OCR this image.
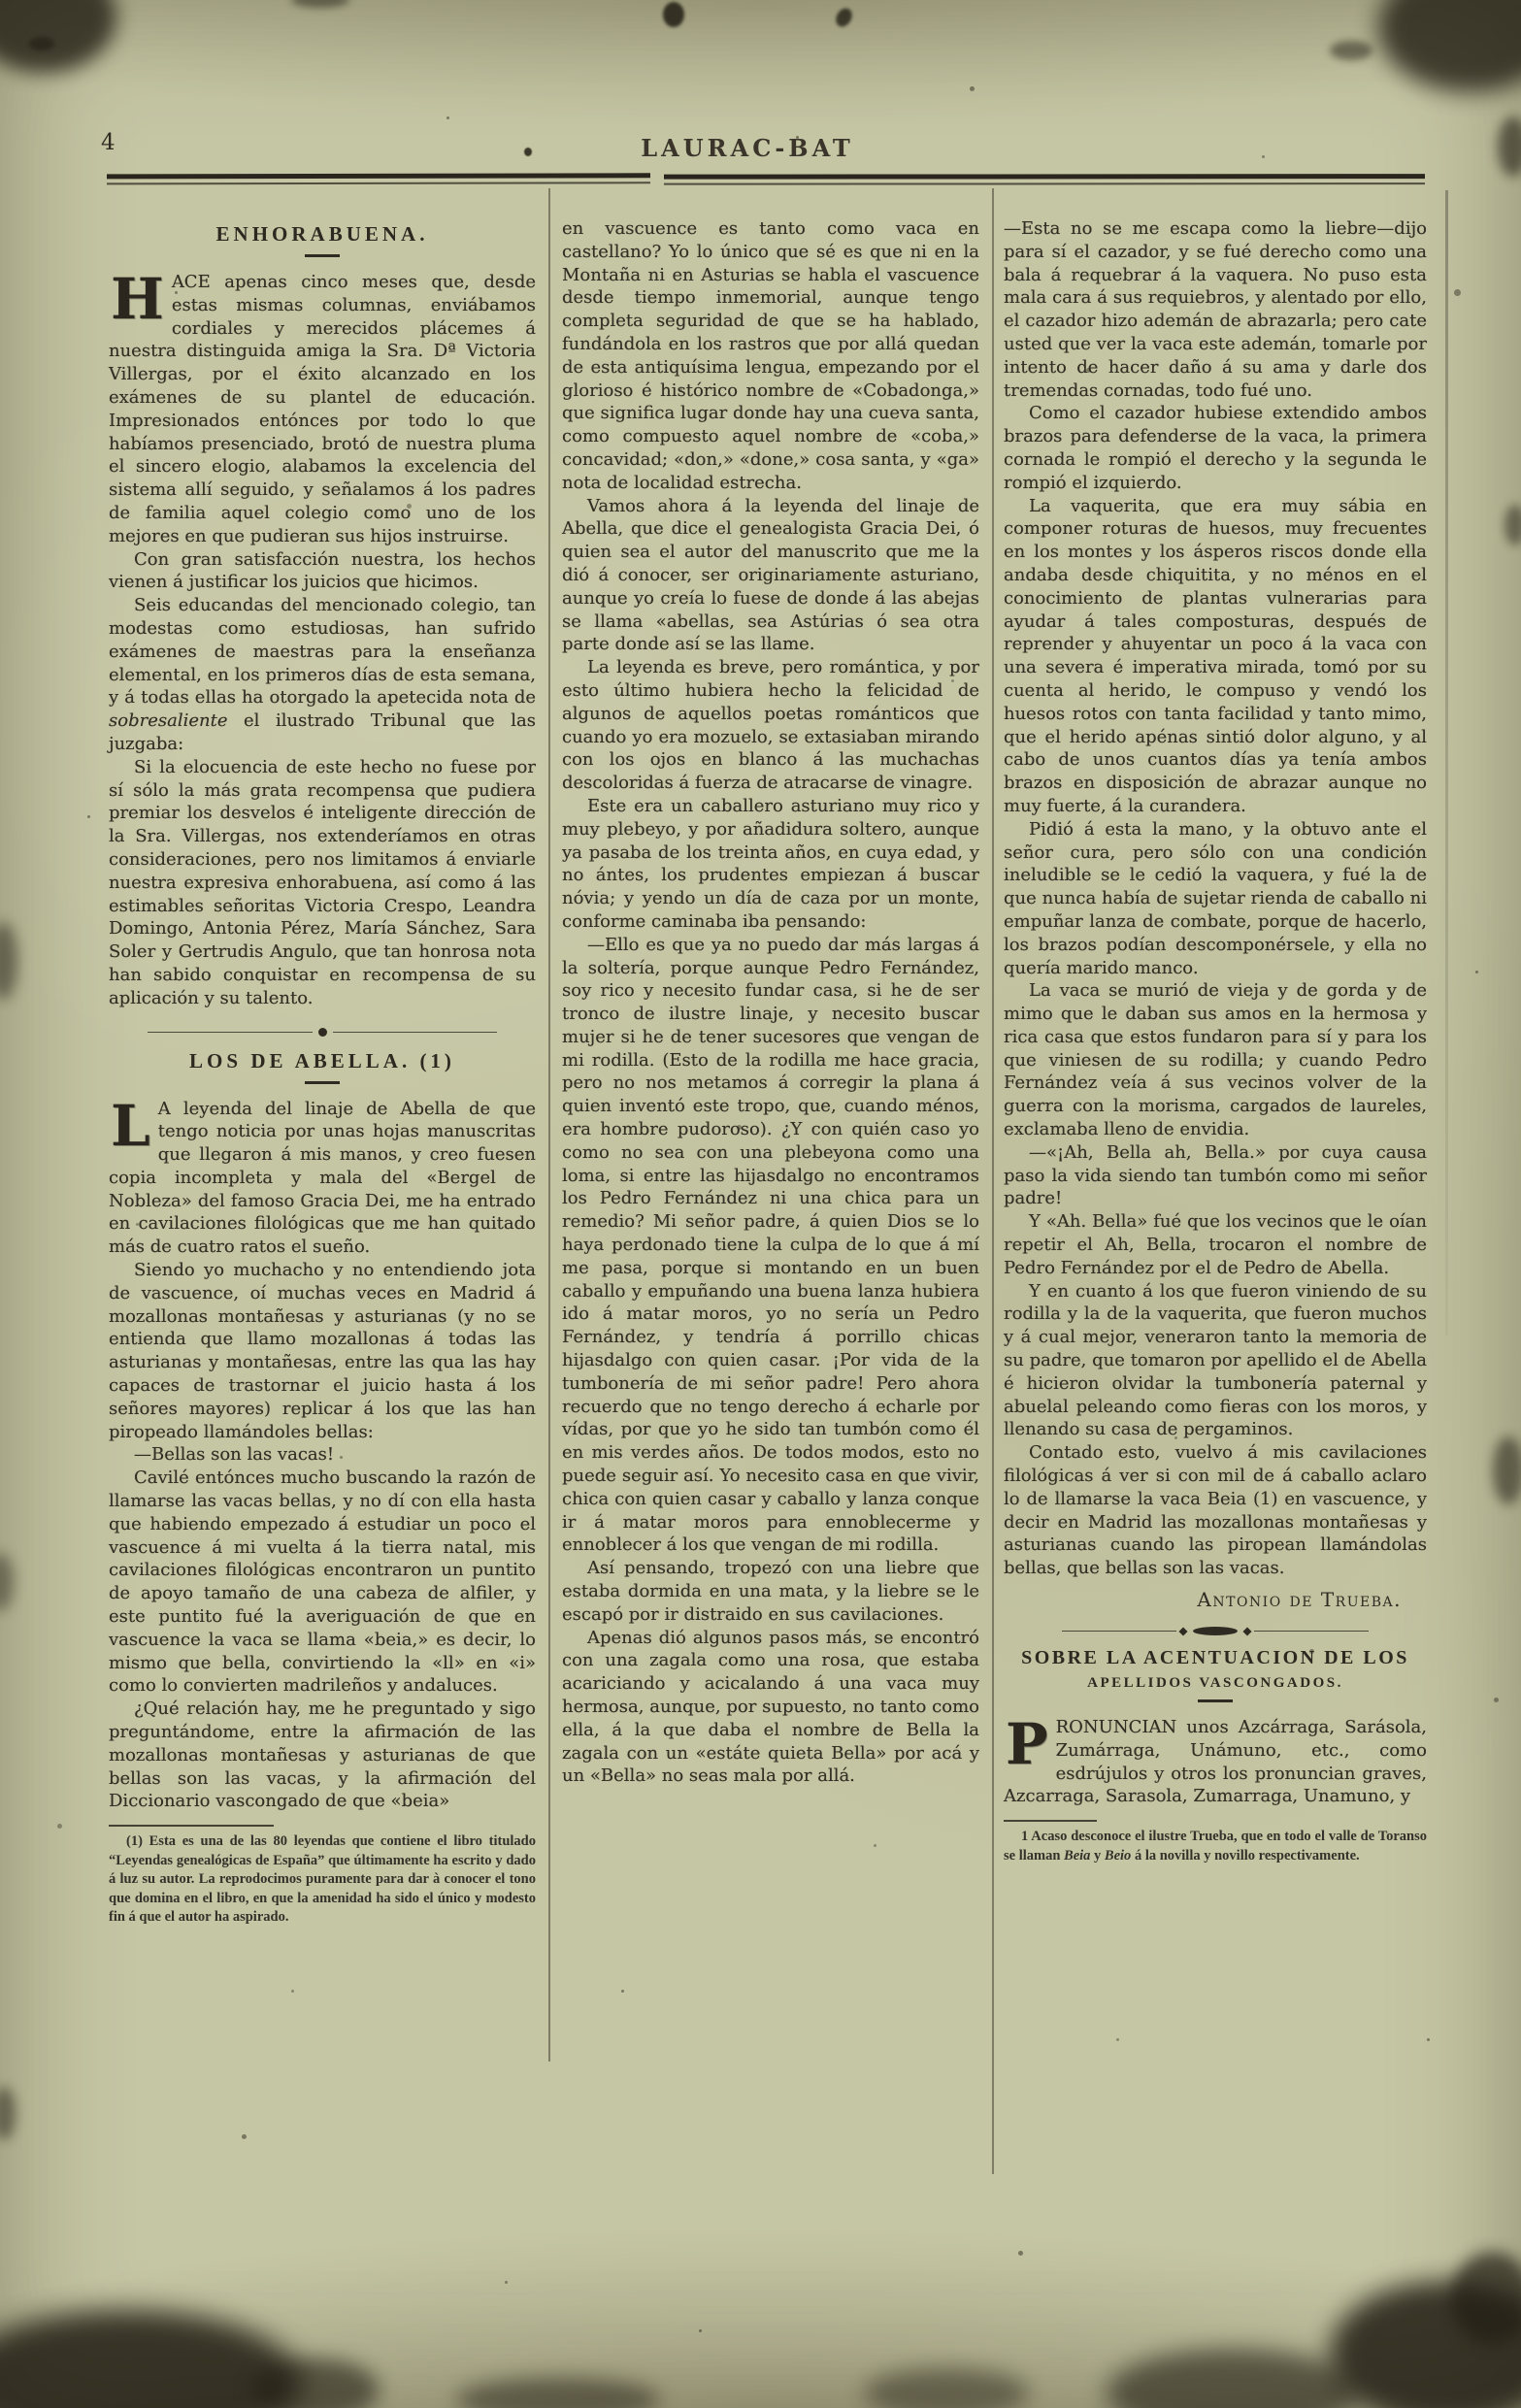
4	LAURAC-BAT
ENHORABUENA.

HACE apenas cinco meses que, desde estas mismas columnas, enviábamos cordiales y merecidos plácemes á nuestra distinguida amiga la Sra. Dª Victoria Villergas, por el éxito alcanzado en los exámenes de su plantel de educación. Impresionados entónces por todo lo que habíamos presenciado, brotó de nuestra pluma el sincero elogio, alabamos la excelencia del sistema allí seguido, y señalamos á los padres de familia aquel colegio como uno de los mejores en que pudieran sus hijos instruirse.

Con gran satisfacción nuestra, los hechos vienen á justificar los juicios que hicimos.

Seis educandas del mencionado colegio, tan modestas como estudiosas, han sufrido exámenes de maestras para la enseñanza elemental, en los primeros días de esta semana, y á todas ellas ha otorgado la apetecida nota de sobresaliente el ilustrado Tribunal que las juzgaba:

Si la elocuencia de este hecho no fuese por sí sólo la más grata recompensa que pudiera premiar los desvelos é inteligente dirección de la Sra. Villergas, nos extenderíamos en otras consideraciones, pero nos limitamos á enviarle nuestra expresiva enhorabuena, así como á las estimables señoritas Victoria Crespo, Leandra Domingo, Antonia Pérez, María Sánchez, Sara Soler y Gertrudis Angulo, que tan honrosa nota han sabido conquistar en recompensa de su aplicación y su talento.

LOS DE ABELLA. (1)

L A leyenda del linaje de Abella de que tengo noticia por unas hojas manuscritas que llegaron á mis manos, y creo fuesen copia incompleta y mala del «Bergel de Nobleza» del famoso Gracia Dei, me ha entrado en cavilaciones filológicas que me han quitado más de cuatro ratos el sueño.

Siendo yo muchacho y no entendiendo jota de vascuence, oí muchas veces en Madrid á mozallonas montañesas y asturianas (y no se entienda que llamo mozallonas á todas las asturianas y montañesas, entre las qua las hay capaces de trastornar el juicio hasta á los señores mayores) replicar á los que las han piropeado llamándoles bellas:

—Bellas son las vacas!

Cavilé entónces mucho buscando la razón de llamarse las vacas bellas, y no dí con ella hasta que habiendo empezado á estudiar un poco el vascuence á mi vuelta á la tierra natal, mis cavilaciones filológicas encontraron un puntito de apoyo tamaño de una cabeza de alfiler, y este puntito fué la averiguación de que en vascuence la vaca se llama «beia,» es decir, lo mismo que bella, convirtiendo la «ll» en «i» como lo convierten madrileños y andaluces.

¿Qué relación hay, me he preguntado y sigo preguntándome, entre la afirmación de las mozallonas montañesas y asturianas de que bellas son las vacas, y la afirmación del Diccionario vascongado de que «beia»

(1) Esta es una de las 80 leyendas que contiene el libro titulado “Leyendas genealógicas de España” que últimamente ha escrito y dado á luz su autor. La reprodocimos puramente para dar à conocer el tono que domina en el libro, en que la amenidad ha sido el único y modesto fin á que el autor ha aspirado.

en vascuence es tanto como vaca en castellano? Yo lo único que sé es que ni en la Montaña ni en Asturias se habla el vascuence desde tiempo inmemorial, aunque tengo completa seguridad de que se ha hablado, fundándola en los rastros que por allá quedan de esta antiquísima lengua, empezando por el glorioso é histórico nombre de «Cobadonga,» que significa lugar donde hay una cueva santa, como compuesto aquel nombre de «coba,» concavidad; «don,» «done,» cosa santa, y «ga» nota de localidad estrecha.

Vamos ahora á la leyenda del linaje de Abella, que dice el genealogista Gracia Dei, ó quien sea el autor del manuscrito que me la dió á conocer, ser originariamente asturiano, aunque yo creía lo fuese de donde á las abejas se llama «abellas, sea Astúrias ó sea otra parte donde así se las llame.

La leyenda es breve, pero romántica, y por esto último hubiera hecho la felicidad de algunos de aquellos poetas románticos que cuando yo era mozuelo, se extasiaban mirando con los ojos en blanco á las muchachas descoloridas á fuerza de atracarse de vinagre.

Este era un caballero asturiano muy rico y muy plebeyo, y por añadidura soltero, aunque ya pasaba de los treinta años, en cuya edad, y no ántes, los prudentes empiezan á buscar nóvia; y yendo un día de caza por un monte, conforme caminaba iba pensando:

—Ello es que ya no puedo dar más largas á la soltería, porque aunque Pedro Fernández, soy rico y necesito fundar casa, si he de ser tronco de ilustre linaje, y necesito buscar mujer si he de tener sucesores que vengan de mi rodilla. (Esto de la rodilla me hace gracia, pero no nos metamos á corregir la plana á quien inventó este tropo, que, cuando ménos, era hombre pudoroso). ¿Y con quién caso yo como no sea con una plebeyona como una loma, si entre las hijasdalgo no encontramos los Pedro Fernández ni una chica para un remedio? Mi señor padre, á quien Dios se lo haya perdonado tiene la culpa de lo que á mí me pasa, porque si montando en un buen caballo y empuñando una buena lanza hubiera ido á matar moros, yo no sería un Pedro Fernández, y tendría á porrillo chicas hijasdalgo con quien casar. ¡Por vida de la tumbonería de mi señor padre! Pero ahora recuerdo que no tengo derecho á echarle por vídas, por que yo he sido tan tumbón como él en mis verdes años. De todos modos, esto no puede seguir así. Yo necesito casa en que vivir, chica con quien casar y caballo y lanza conque ir á matar moros para ennoblecerme y ennoblecer á los que vengan de mi rodilla.

Así pensando, tropezó con una liebre que estaba dormida en una mata, y la liebre se le escapó por ir distraido en sus cavilaciones.

Apenas dió algunos pasos más, se encontró con una zagala como una rosa, que estaba acariciando y acicalando á una vaca muy hermosa, aunque, por supuesto, no tanto como ella, á la que daba el nombre de Bella la zagala con un «estáte quieta Bella» por acá y un «Bella» no seas mala por allá.

—Esta no se me escapa como la liebre—dijo para sí el cazador, y se fué derecho como una bala á requebrar á la vaquera. No puso esta mala cara á sus requiebros, y alentado por ello, el cazador hizo ademán de abrazarla; pero cate usted que ver la vaca este ademán, tomarle por intento de hacer daño á su ama y darle dos tremendas cornadas, todo fué uno.

Como el cazador hubiese extendido ambos brazos para defenderse de la vaca, la primera cornada le rompió el derecho y la segunda le rompió el izquierdo.

La vaquerita, que era muy sábia en componer roturas de huesos, muy frecuentes en los montes y los ásperos riscos donde ella andaba desde chiquitita, y no ménos en el conocimiento de plantas vulnerarias para ayudar á tales composturas, después de reprender y ahuyentar un poco á la vaca con una severa é imperativa mirada, tomó por su cuenta al herido, le compuso y vendó los huesos rotos con tanta facilidad y tanto mimo, que el herido apénas sintió dolor alguno, y al cabo de unos cuantos días ya tenía ambos brazos en disposición de abrazar aunque no muy fuerte, á la curandera.

Pidió á esta la mano, y la obtuvo ante el señor cura, pero sólo con una condición ineludible se le cedió la vaquera, y fué la de que nunca había de sujetar rienda de caballo ni empuñar lanza de combate, porque de hacerlo, los brazos podían descomponérsele, y ella no quería marido manco.

La vaca se murió de vieja y de gorda y de mimo que le daban sus amos en la hermosa y rica casa que estos fundaron para sí y para los que viniesen de su rodilla; y cuando Pedro Fernández veía á sus vecinos volver de la guerra con la morisma, cargados de laureles, exclamaba lleno de envidia.

—«¡Ah, Bella ah, Bella.» por cuya causa paso la vida siendo tan tumbón como mi señor padre!

Y «Ah. Bella» fué que los vecinos que le oían repetir el Ah, Bella, trocaron el nombre de Pedro Fernández por el de Pedro de Abella.

Y en cuanto á los que fueron viniendo de su rodilla y la de la vaquerita, que fueron muchos y á cual mejor, veneraron tanto la memoria de su padre, que tomaron por apellido el de Abella é hicieron olvidar la tumbonería paternal y abuelal peleando como fieras con los moros, y llenando su casa de pergaminos.

Contado esto, vuelvo á mis cavilaciones filológicas á ver si con mil de á caballo aclaro lo de llamarse la vaca Beia (1) en vascuence, y decir en Madrid las mozallonas montañesas y asturianas cuando las piropean llamándolas bellas, que bellas son las vacas.

Antonio de Trueba.

SOBRE LA ACENTUACION DE LOS
APELLIDOS VASCONGADOS.

PRONUNCIAN unos Azcárraga, Sarásola, Zumárraga, Unámuno, etc., como esdrújulos y otros los pronuncian graves, Azcarraga, Sarasola, Zumarraga, Unamuno, y

1 Acaso desconoce el ilustre Trueba, que en todo el valle de Toranso se llaman Beia y Beio á la novilla y novillo respectivamente.
